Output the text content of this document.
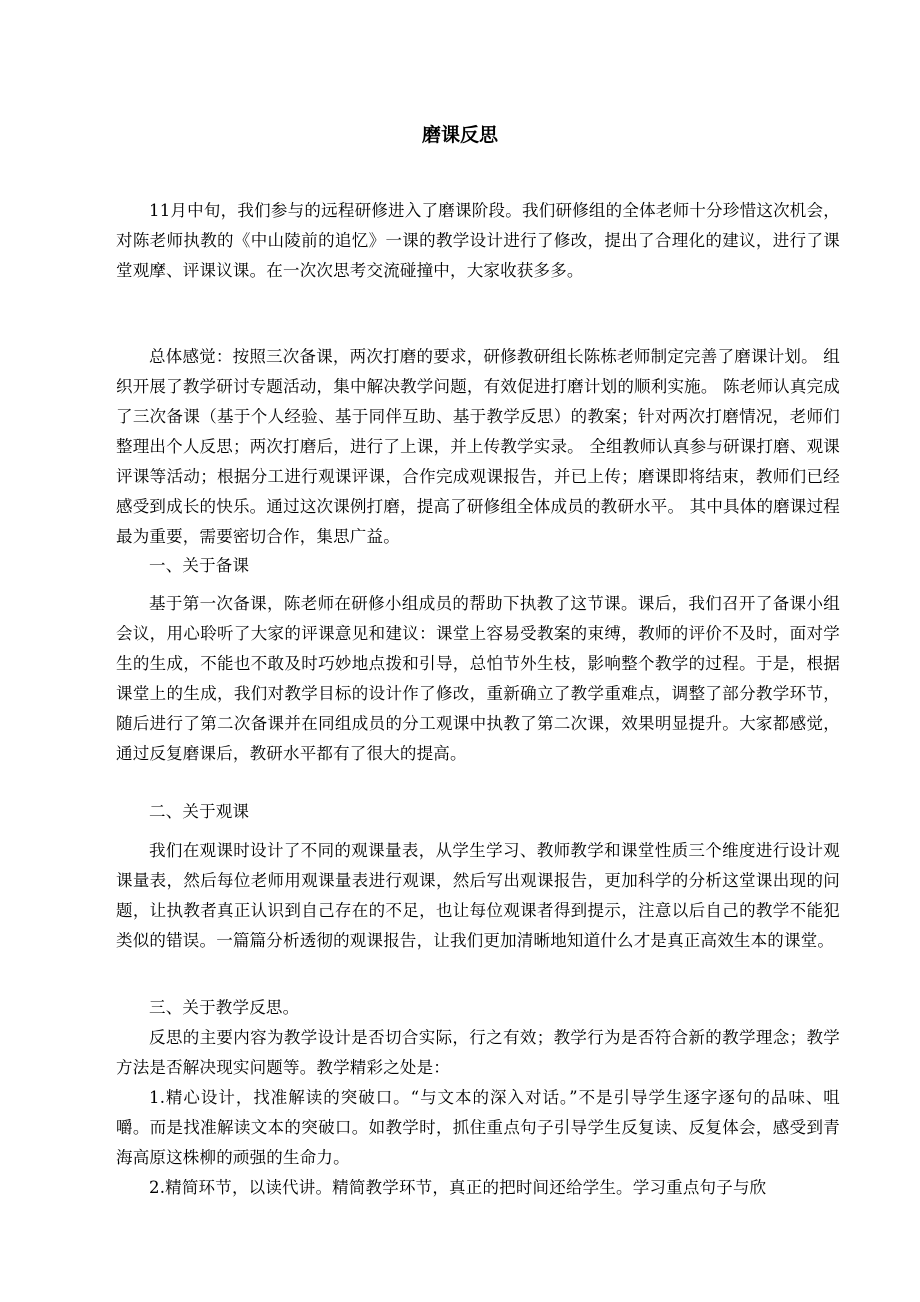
磨课反思

11月中旬，我们参与的远程研修进入了磨课阶段。我们研修组的全体老师十分珍惜这次机会，对陈老师执教的《中山陵前的追忆》一课的教学设计进行了修改，提出了合理化的建议，进行了课堂观摩、评课议课。在一次次思考交流碰撞中，大家收获多多。

总体感觉：按照三次备课，两次打磨的要求，研修教研组长陈栋老师制定完善了磨课计划。 组织开展了教学研讨专题活动，集中解决教学问题，有效促进打磨计划的顺利实施。 陈老师认真完成了三次备课（基于个人经验、基于同伴互助、基于教学反思）的教案；针对两次打磨情况，老师们整理出个人反思；两次打磨后，进行了上课，并上传教学实录。 全组教师认真参与研课打磨、观课评课等活动；根据分工进行观课评课，合作完成观课报告，并已上传；磨课即将结束，教师们已经感受到成长的快乐。通过这次课例打磨，提高了研修组全体成员的教研水平。 其中具体的磨课过程最为重要，需要密切合作，集思广益。

一、关于备课

基于第一次备课，陈老师在研修小组成员的帮助下执教了这节课。课后，我们召开了备课小组会议，用心聆听了大家的评课意见和建议：课堂上容易受教案的束缚，教师的评价不及时，面对学生的生成，不能也不敢及时巧妙地点拨和引导，总怕节外生枝，影响整个教学的过程。于是，根据课堂上的生成，我们对教学目标的设计作了修改，重新确立了教学重难点，调整了部分教学环节，随后进行了第二次备课并在同组成员的分工观课中执教了第二次课，效果明显提升。大家都感觉，通过反复磨课后，教研水平都有了很大的提高。

二、关于观课

我们在观课时设计了不同的观课量表，从学生学习、教师教学和课堂性质三个维度进行设计观课量表，然后每位老师用观课量表进行观课，然后写出观课报告，更加科学的分析这堂课出现的问题，让执教者真正认识到自己存在的不足，也让每位观课者得到提示，注意以后自己的教学不能犯类似的错误。一篇篇分析透彻的观课报告，让我们更加清晰地知道什么才是真正高效生本的课堂。

三、关于教学反思。

反思的主要内容为教学设计是否切合实际，行之有效；教学行为是否符合新的教学理念；教学方法是否解决现实问题等。教学精彩之处是：

1.精心设计，找准解读的突破口。“与文本的深入对话。”不是引导学生逐字逐句的品味、咀嚼。而是找准解读文本的突破口。如教学时，抓住重点句子引导学生反复读、反复体会，感受到青海高原这株柳的顽强的生命力。

2.精简环节，以读代讲。精简教学环节，真正的把时间还给学生。学习重点句子与欣
